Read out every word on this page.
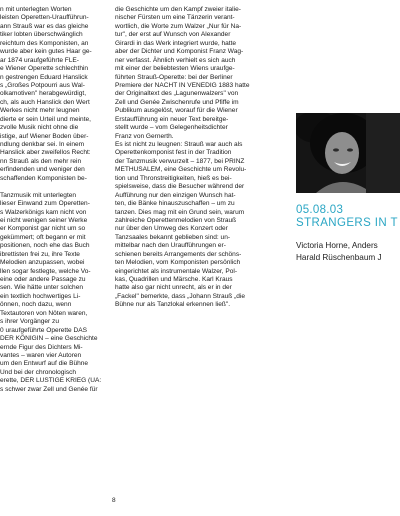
n mit unterlegten Worten
leisten Operetten-Uraufführun-
ann Strauß war es das gleiche
tiker lobten überschwänglich
reichtum des Komponisten, an
wurde aber kein gutes Haar ge-
ar 1874 uraufgeführte FLE-
e Wiener Operette schlechthin
n gestrengen Eduard Hanslick
s „Großes Potpourri aus Wal-
olkamotiven" herabgewürdigt,
ch, als auch Hanslick den Wert
Werkes nicht mehr leugnen
dierte er sein Urteil und meinte,
zvolle Musik nicht ohne die
istige, auf Wiener Boden über-
ndlung denkbar sei. In einem
Hanslick aber zweifellos Recht:
nn Strauß als den mehr rein
erfindenden und weniger den
schaffenden Komponisten be-
Tanzmusik mit unterlegten
lieser Einwand zum Operetten-
s Walzerkönigs kam nicht von
ei nicht wenigen seiner Werke
er Komponist gar nicht um so
gekümmert; oft begann er mit
positionen, noch ehe das Buch
ibrettisten frei zu, ihre Texte
Melodien anzupassen, wobei
llen sogar festlegte, welche Vo-
eine oder andere Passage zu
sen. Wie hätte unter solchen
ein textlich hochwertiges Li-
önnen, noch dazu, wenn
Textautoren von Nöten waren,
s ihrer Vorgänger zu
0 uraufgeführte Operette DAS
DER KÖNIGIN – eine Geschichte
ernde Figur des Dichters Mi-
vantes – waren vier Autoren
um den Entwurf auf die Bühne
Und bei der chronologisch
erette, DER LUSTIGE KRIEG (UA:
s schwer zwar Zell und Genée für
die Geschichte um den Kampf zweier italie-
nischer Fürsten um eine Tänzerin verant-
wortlich, die Worte zum Walzer „Nur für Na-
tur", der erst auf Wunsch von Alexander
Girardi in das Werk integriert wurde, hatte
aber der Dichter und Komponist Franz Wag-
ner verfasst. Ähnlich verhielt es sich auch
mit einer der beliebtesten Wiens uraufge-
führten Strauß-Operette: bei der Berliner
Premiere der NACHT IN VENEDIG 1883 hatte
der Originaltext des „Lagunenwalzers" von
Zell und Genée Zwischenrufe und Pfiffe im
Publikum ausgelöst, worauf für die Wiener
Erstaufführung ein neuer Text bereitge-
stellt wurde – vom Gelegenheitsdichter
Franz von Gernerth.
Es ist nicht zu leugnen: Strauß war auch als
Operettenkomponist fest in der Tradition
der Tanzmusik verwurzelt – 1877, bei PRINZ
METHUSALEM, eine Geschichte um Revolu-
tion und Thronstreitigkeiten, hieß es bei-
spielsweise, dass die Besucher während der
Aufführung nur den einzigen Wunsch hat-
ten, die Bänke hinauszuschaffen – um zu
tanzen. Dies mag mit ein Grund sein, warum
zahlreiche Operettenmelodien von Strauß
nur über den Umweg des Konzert oder
Tanzsaales bekannt geblieben sind: un-
mittelbar nach den Uraufführungen er-
schienen bereits Arrangements der schöns-
ten Melodien, vom Komponisten persönlich
eingerichtet als instrumentale Walzer, Pol-
kas, Quadrillen und Märsche. Karl Kraus
hatte also gar nicht unrecht, als er in der
„Fackel" bemerkte, dass „Johann Strauß „die
Bühne nur als Tanzlokal erkennen ließ".
8
05.08.03
STRANGERS IN T
Victoria Horne, Anders
Harald Rüschenbaum J
